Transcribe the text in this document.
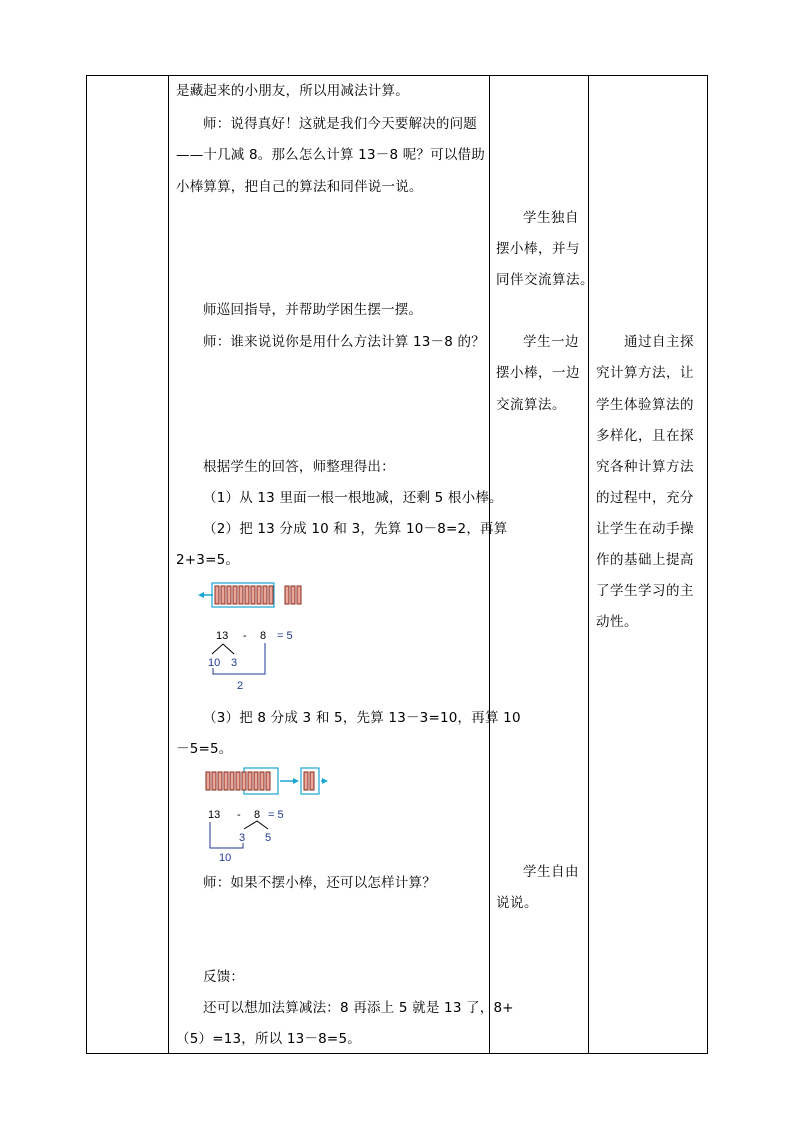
是藏起来的小朋友，所以用减法计算。
师：说得真好！这就是我们今天要解决的问题
——十几减 8。那么怎么计算 13－8 呢？可以借助
小棒算算，把自己的算法和同伴说一说。
师巡回指导，并帮助学困生摆一摆。
师：谁来说说你是用什么方法计算 13－8 的？
根据学生的回答，师整理得出：
（1）从 13 里面一根一根地减，还剩 5 根小棒。
（2）把 13 分成 10 和 3，先算 10－8=2，再算
2+3=5。
13 - 8 = 5
10 3
2
（3）把 8 分成 3 和 5，先算 13－3=10，再算 10
－5=5。
13 - 8 = 5
3 5
10
师：如果不摆小棒，还可以怎样计算？
反馈：
还可以想加法算减法：8 再添上 5 就是 13 了，8+
（5）=13，所以 13－8=5。
学生独自
摆小棒，并与
同伴交流算法。
学生一边
摆小棒，一边
交流算法。
学生自由
说说。
通过自主探
究计算方法，让
学生体验算法的
多样化，且在探
究各种计算方法
的过程中，充分
让学生在动手操
作的基础上提高
了学生学习的主
动性。
